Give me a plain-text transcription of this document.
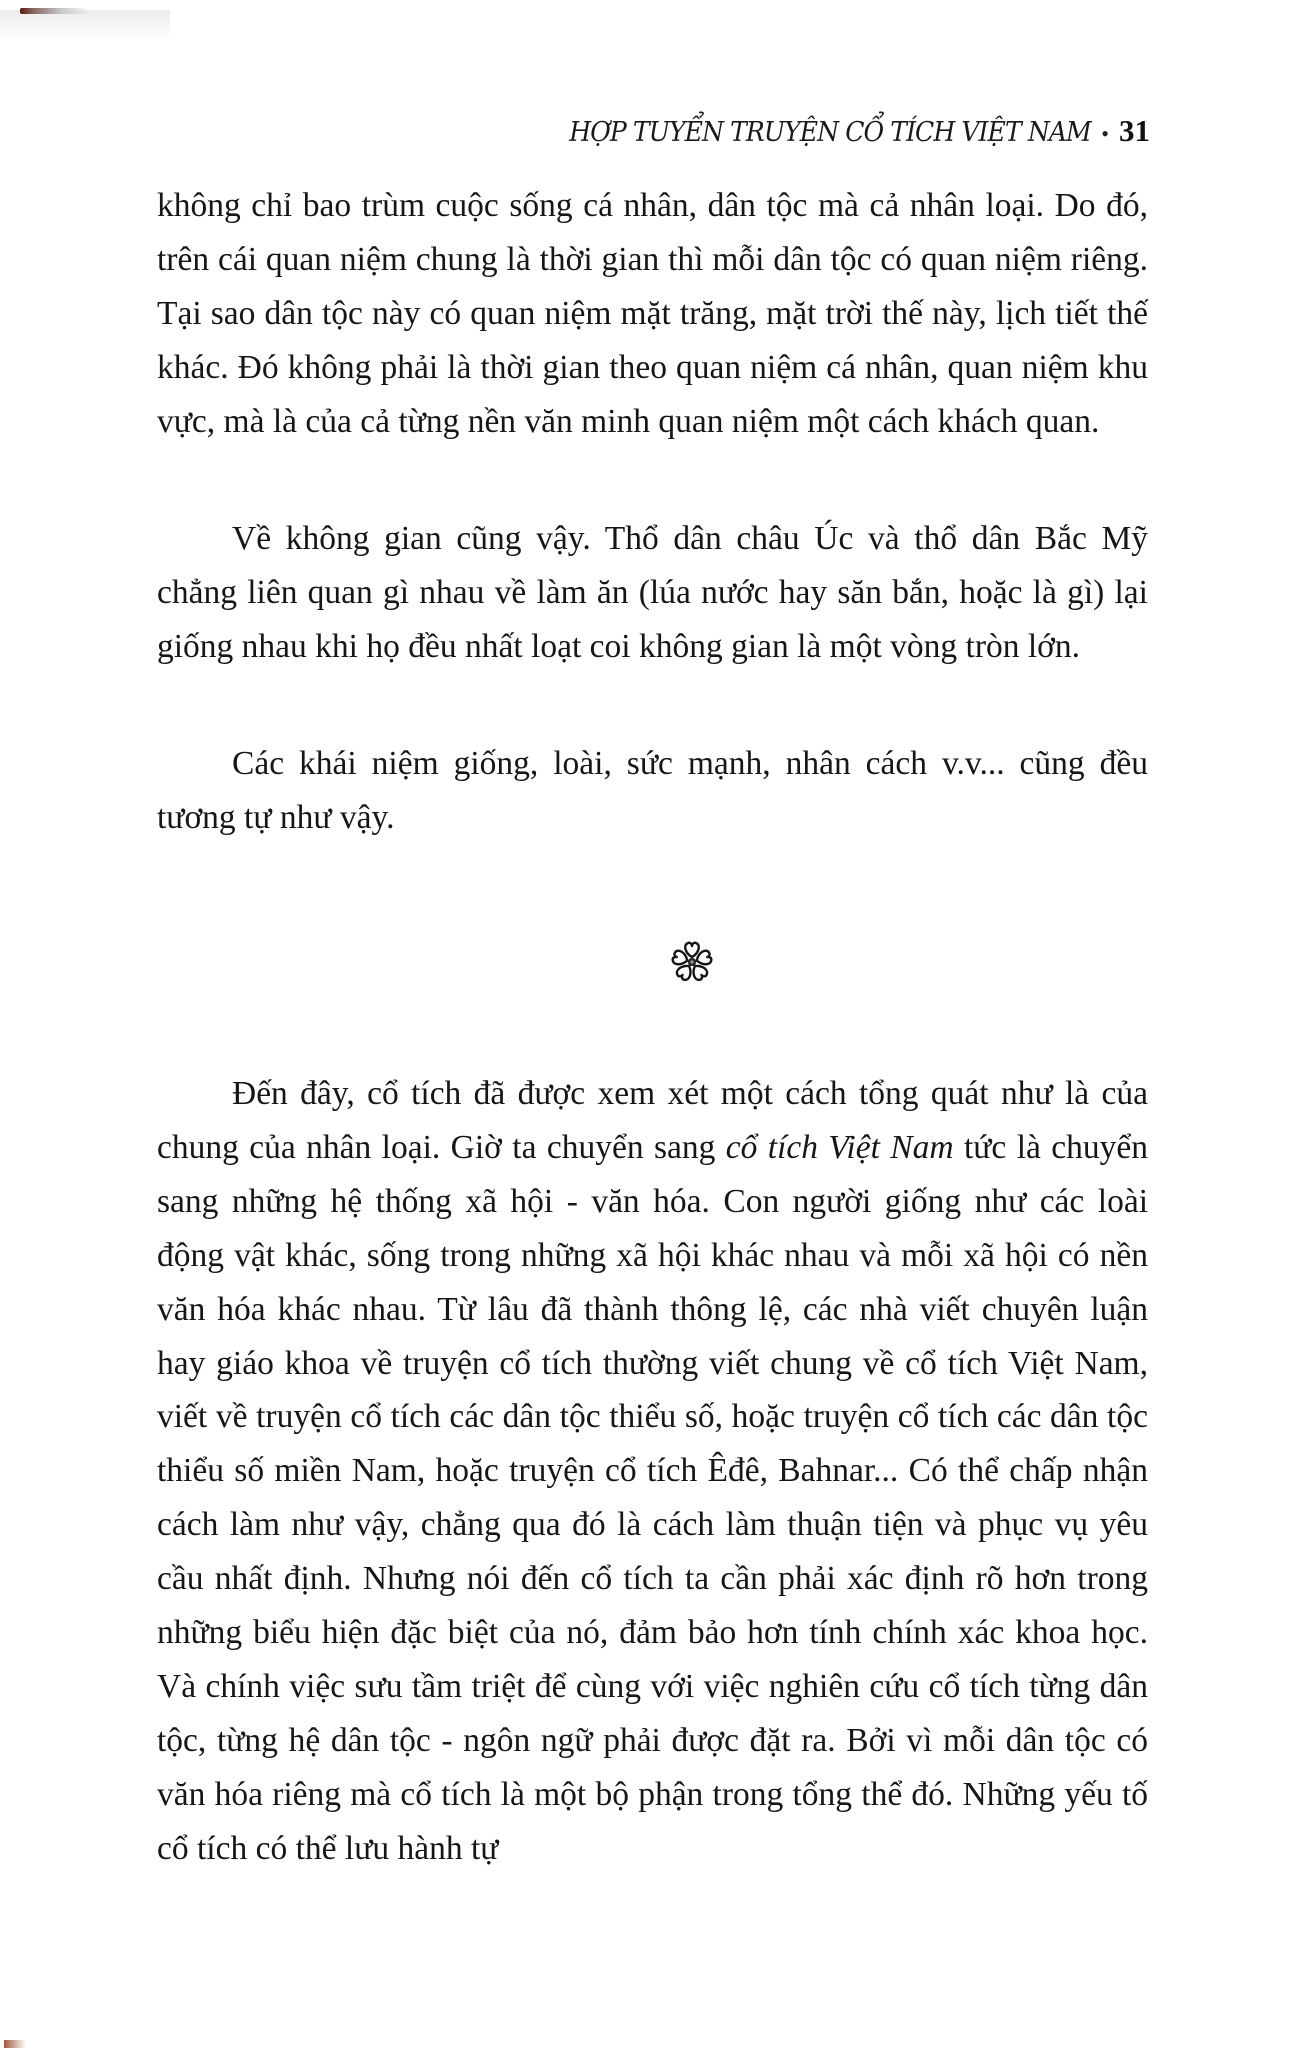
HỢP TUYỂN TRUYỆN CỔ TÍCH VIỆT NAM • 31

không chỉ bao trùm cuộc sống cá nhân, dân tộc mà cả nhân loại. Do đó, trên cái quan niệm chung là thời gian thì mỗi dân tộc có quan niệm riêng. Tại sao dân tộc này có quan niệm mặt trăng, mặt trời thế này, lịch tiết thế khác. Đó không phải là thời gian theo quan niệm cá nhân, quan niệm khu vực, mà là của cả từng nền văn minh quan niệm một cách khách quan.

Về không gian cũng vậy. Thổ dân châu Úc và thổ dân Bắc Mỹ chẳng liên quan gì nhau về làm ăn (lúa nước hay săn bắn, hoặc là gì) lại giống nhau khi họ đều nhất loạt coi không gian là một vòng tròn lớn.

Các khái niệm giống, loài, sức mạnh, nhân cách v.v... cũng đều tương tự như vậy.

Đến đây, cổ tích đã được xem xét một cách tổng quát như là của chung của nhân loại. Giờ ta chuyển sang cổ tích Việt Nam tức là chuyển sang những hệ thống xã hội - văn hóa. Con người giống như các loài động vật khác, sống trong những xã hội khác nhau và mỗi xã hội có nền văn hóa khác nhau. Từ lâu đã thành thông lệ, các nhà viết chuyên luận hay giáo khoa về truyện cổ tích thường viết chung về cổ tích Việt Nam, viết về truyện cổ tích các dân tộc thiểu số, hoặc truyện cổ tích các dân tộc thiểu số miền Nam, hoặc truyện cổ tích Êđê, Bahnar... Có thể chấp nhận cách làm như vậy, chẳng qua đó là cách làm thuận tiện và phục vụ yêu cầu nhất định. Nhưng nói đến cổ tích ta cần phải xác định rõ hơn trong những biểu hiện đặc biệt của nó, đảm bảo hơn tính chính xác khoa học. Và chính việc sưu tầm triệt để cùng với việc nghiên cứu cổ tích từng dân tộc, từng hệ dân tộc - ngôn ngữ phải được đặt ra. Bởi vì mỗi dân tộc có văn hóa riêng mà cổ tích là một bộ phận trong tổng thể đó. Những yếu tố cổ tích có thể lưu hành tự
